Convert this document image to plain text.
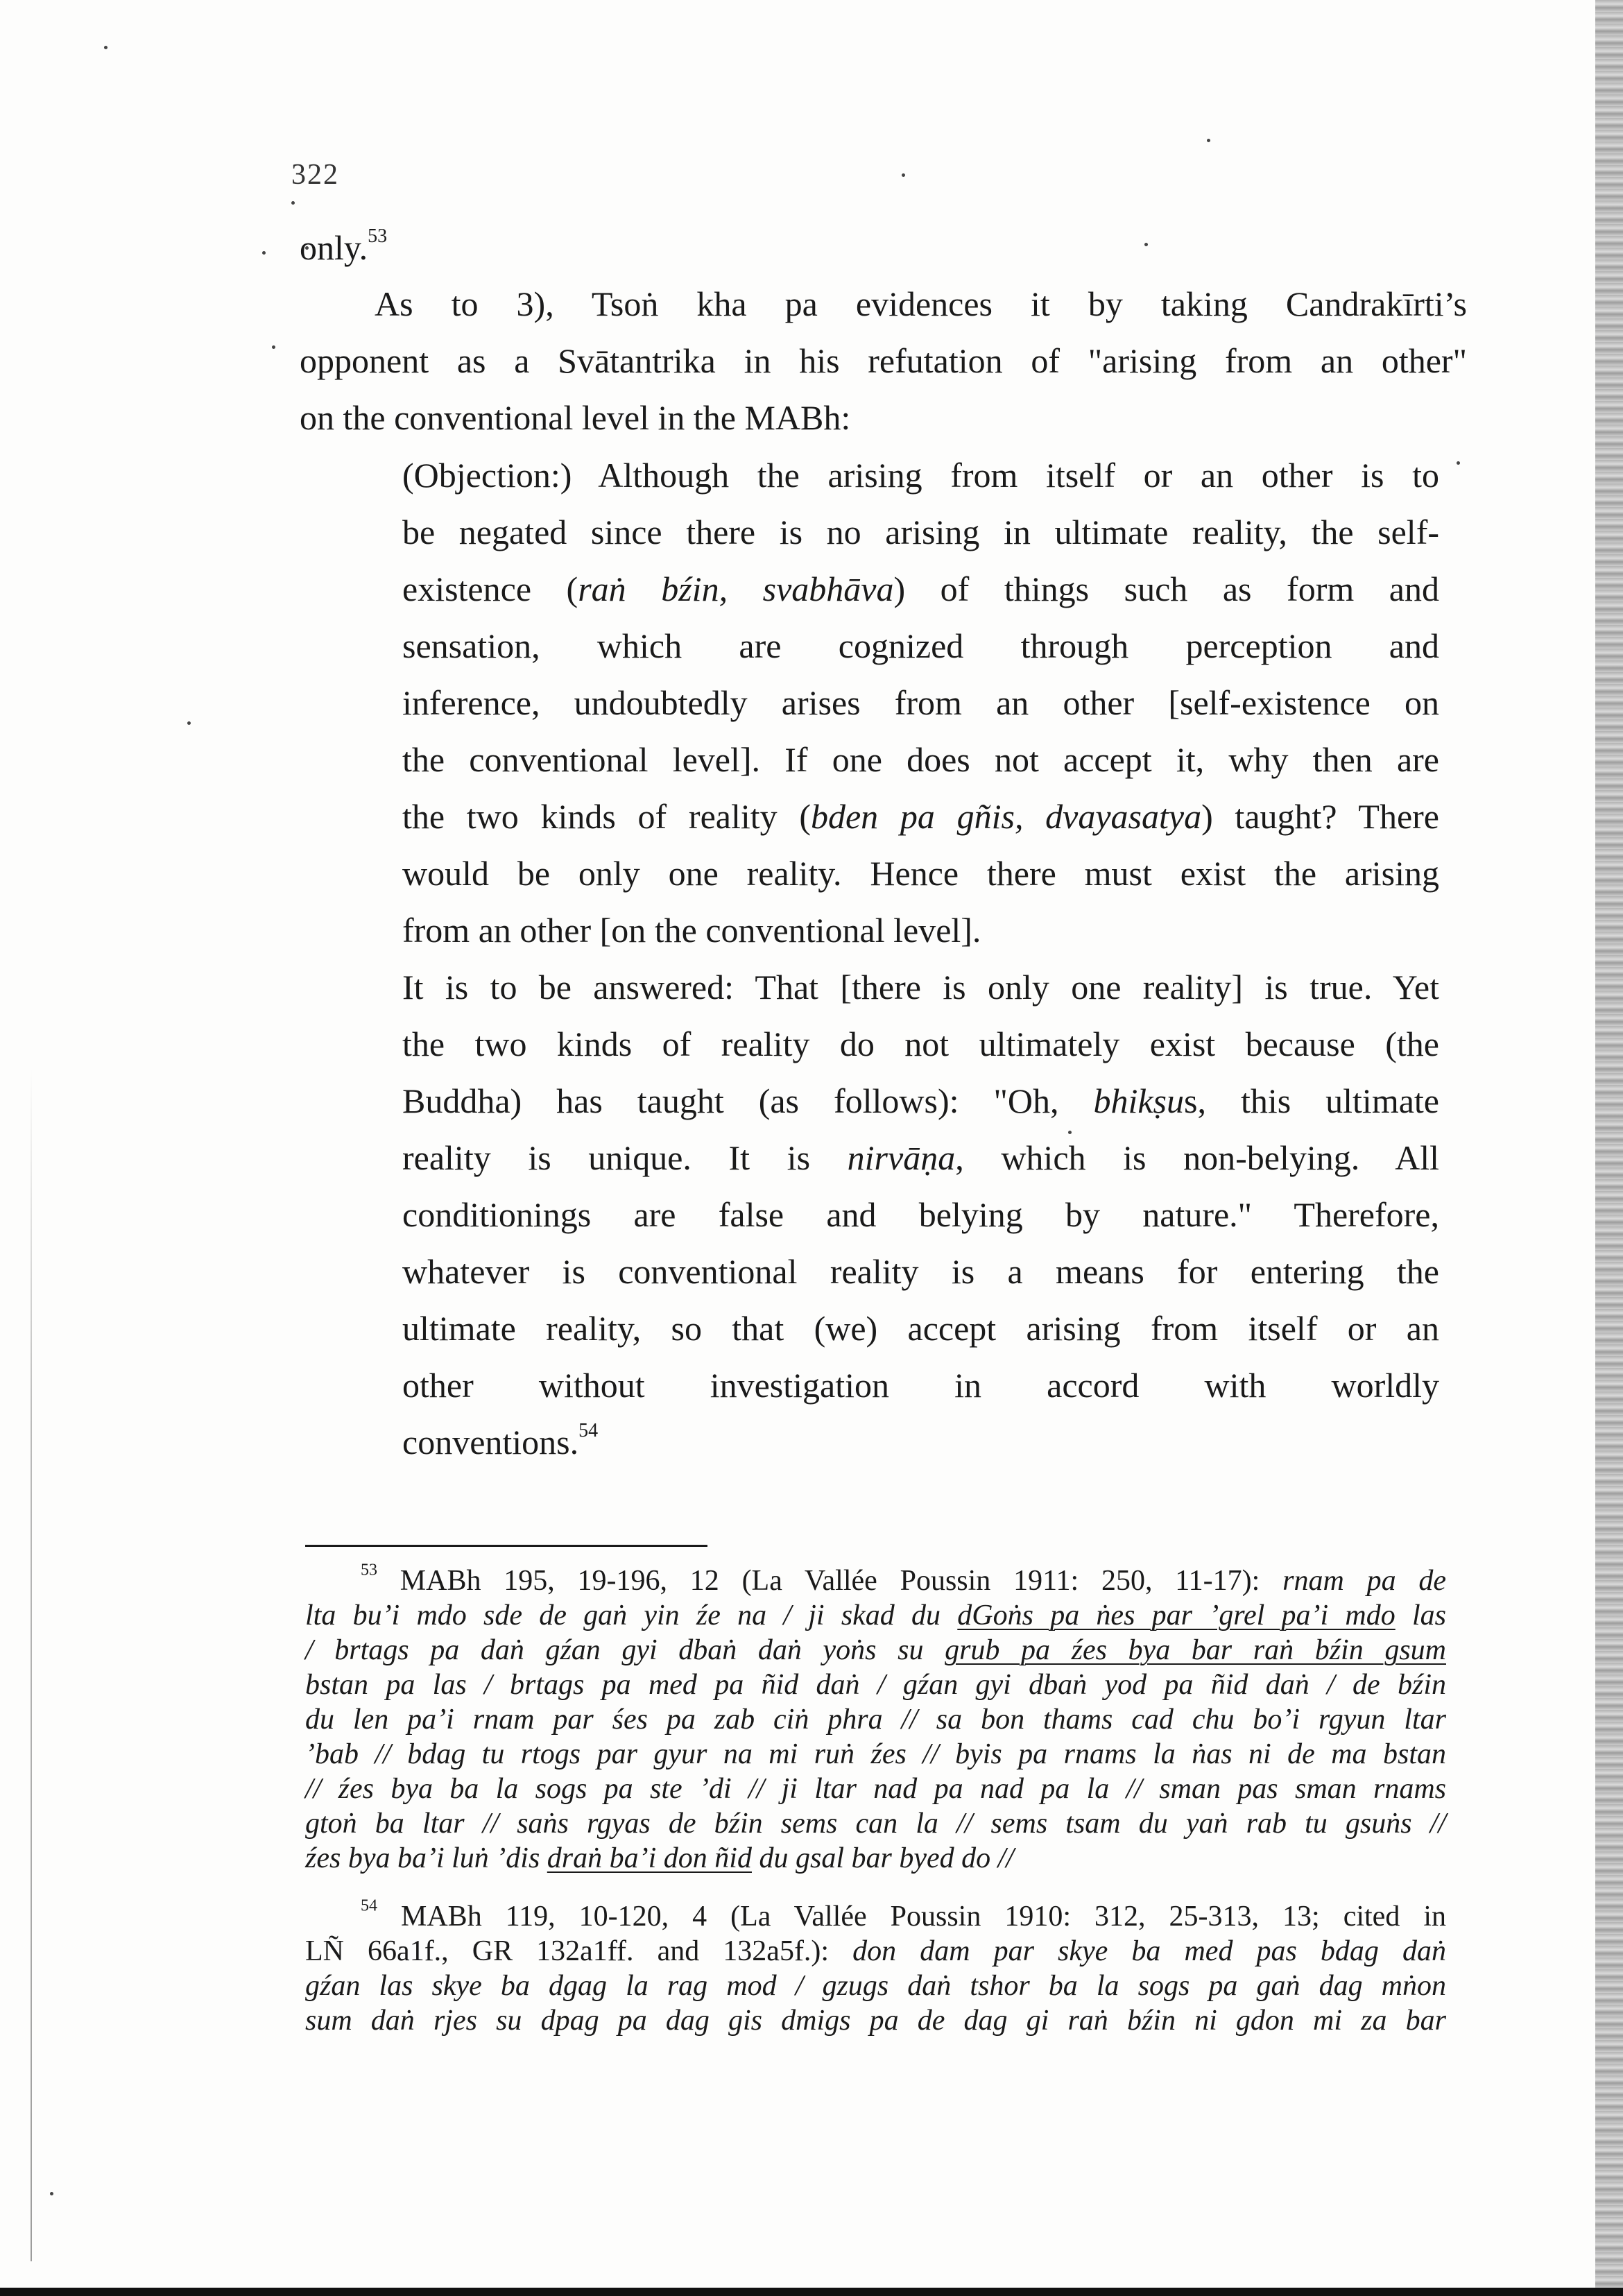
322
only.$^{53}$
As to 3), Tsoṅ kha pa evidences it by taking Candrakīrti’s
opponent as a Svātantrika in his refutation of "arising from an other"
on the conventional level in the MABh:
(Objection:) Although the arising from itself or an other is to
be negated since there is no arising in ultimate reality, the self-
existence (raṅ bźin, svabhāva) of things such as form and
sensation, which are cognized through perception and
inference, undoubtedly arises from an other [self-existence on
the conventional level]. If one does not accept it, why then are
the two kinds of reality (bden pa gñis, dvayasatya) taught? There
would be only one reality. Hence there must exist the arising
from an other [on the conventional level].
It is to be answered: That [there is only one reality] is true. Yet
the two kinds of reality do not ultimately exist because (the
Buddha) has taught (as follows): "Oh, bhikṣus, this ultimate
reality is unique. It is nirvāṇa, which is non-belying. All
conditionings are false and belying by nature." Therefore,
whatever is conventional reality is a means for entering the
ultimate reality, so that (we) accept arising from itself or an
other without investigation in accord with worldly
conventions.$^{54}$
$^{53}$ MABh 195, 19-196, 12 (La Vallée Poussin 1911: 250, 11-17): rnam pa de
lta bu’i mdo sde de gaṅ yin źe na / ji skad du dGoṅs pa ṅes par ’grel pa’i mdo las
/ brtags pa daṅ gźan gyi dbaṅ daṅ yoṅs su grub pa źes bya bar raṅ bźin gsum
bstan pa las / brtags pa med pa ñid daṅ / gźan gyi dbaṅ yod pa ñid daṅ / de bźin
du len pa’i rnam par śes pa zab ciṅ phra // sa bon thams cad chu bo’i rgyun ltar
’bab // bdag tu rtogs par gyur na mi ruṅ źes // byis pa rnams la ṅas ni de ma bstan
// źes bya ba la sogs pa ste ’di // ji ltar nad pa nad pa la // sman pas sman rnams
gtoṅ ba ltar // saṅs rgyas de bźin sems can la // sems tsam du yaṅ rab tu gsuṅs //
źes bya ba’i luṅ ’dis draṅ ba’i don ñid du gsal bar byed do //
$^{54}$ MABh 119, 10-120, 4 (La Vallée Poussin 1910: 312, 25-313, 13; cited in
LÑ 66a1f., GR 132a1ff. and 132a5f.): don dam par skye ba med pas bdag daṅ
gźan las skye ba dgag la rag mod / gzugs daṅ tshor ba la sogs pa gaṅ dag mṅon
sum daṅ rjes su dpag pa dag gis dmigs pa de dag gi raṅ bźin ni gdon mi za bar
